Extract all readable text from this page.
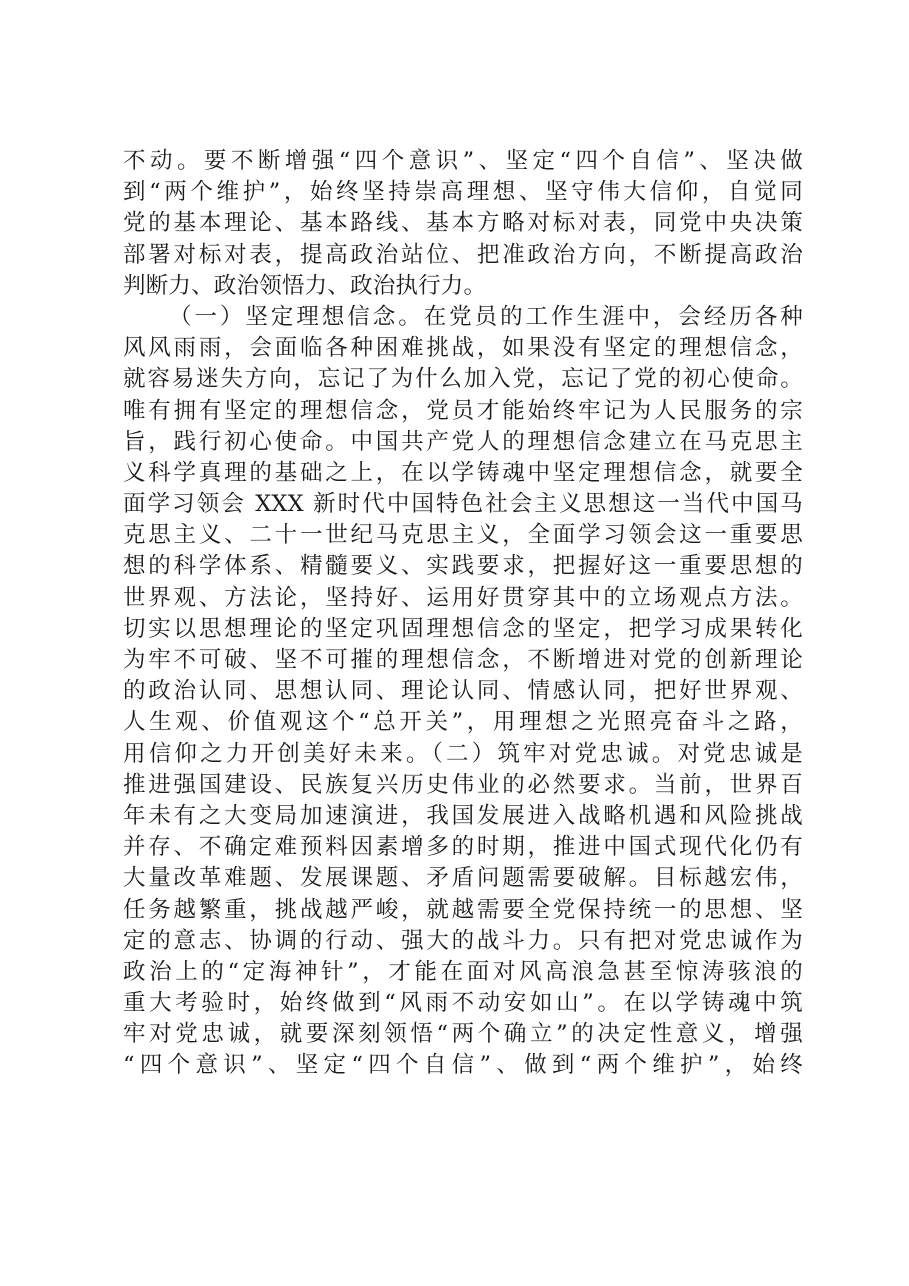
不动。要不断增强“四个意识”、坚定“四个自信”、坚决做
到“两个维护”，始终坚持崇高理想、坚守伟大信仰，自觉同
党的基本理论、基本路线、基本方略对标对表，同党中央决策
部署对标对表，提高政治站位、把准政治方向，不断提高政治
判断力、政治领悟力、政治执行力。
（一）坚定理想信念。在党员的工作生涯中，会经历各种
风风雨雨，会面临各种困难挑战，如果没有坚定的理想信念，
就容易迷失方向，忘记了为什么加入党，忘记了党的初心使命。
唯有拥有坚定的理想信念，党员才能始终牢记为人民服务的宗
旨，践行初心使命。中国共产党人的理想信念建立在马克思主
义科学真理的基础之上，在以学铸魂中坚定理想信念，就要全
面学习领会 XXX 新时代中国特色社会主义思想这一当代中国马
克思主义、二十一世纪马克思主义，全面学习领会这一重要思
想的科学体系、精髓要义、实践要求，把握好这一重要思想的
世界观、方法论，坚持好、运用好贯穿其中的立场观点方法。
切实以思想理论的坚定巩固理想信念的坚定，把学习成果转化
为牢不可破、坚不可摧的理想信念，不断增进对党的创新理论
的政治认同、思想认同、理论认同、情感认同，把好世界观、
人生观、价值观这个“总开关”，用理想之光照亮奋斗之路，
用信仰之力开创美好未来。（二）筑牢对党忠诚。对党忠诚是
推进强国建设、民族复兴历史伟业的必然要求。当前，世界百
年未有之大变局加速演进，我国发展进入战略机遇和风险挑战
并存、不确定难预料因素增多的时期，推进中国式现代化仍有
大量改革难题、发展课题、矛盾问题需要破解。目标越宏伟，
任务越繁重，挑战越严峻，就越需要全党保持统一的思想、坚
定的意志、协调的行动、强大的战斗力。只有把对党忠诚作为
政治上的“定海神针”，才能在面对风高浪急甚至惊涛骇浪的
重大考验时，始终做到“风雨不动安如山”。在以学铸魂中筑
牢对党忠诚，就要深刻领悟“两个确立”的决定性意义，增强
“四个意识”、坚定“四个自信”、做到“两个维护”，始终
